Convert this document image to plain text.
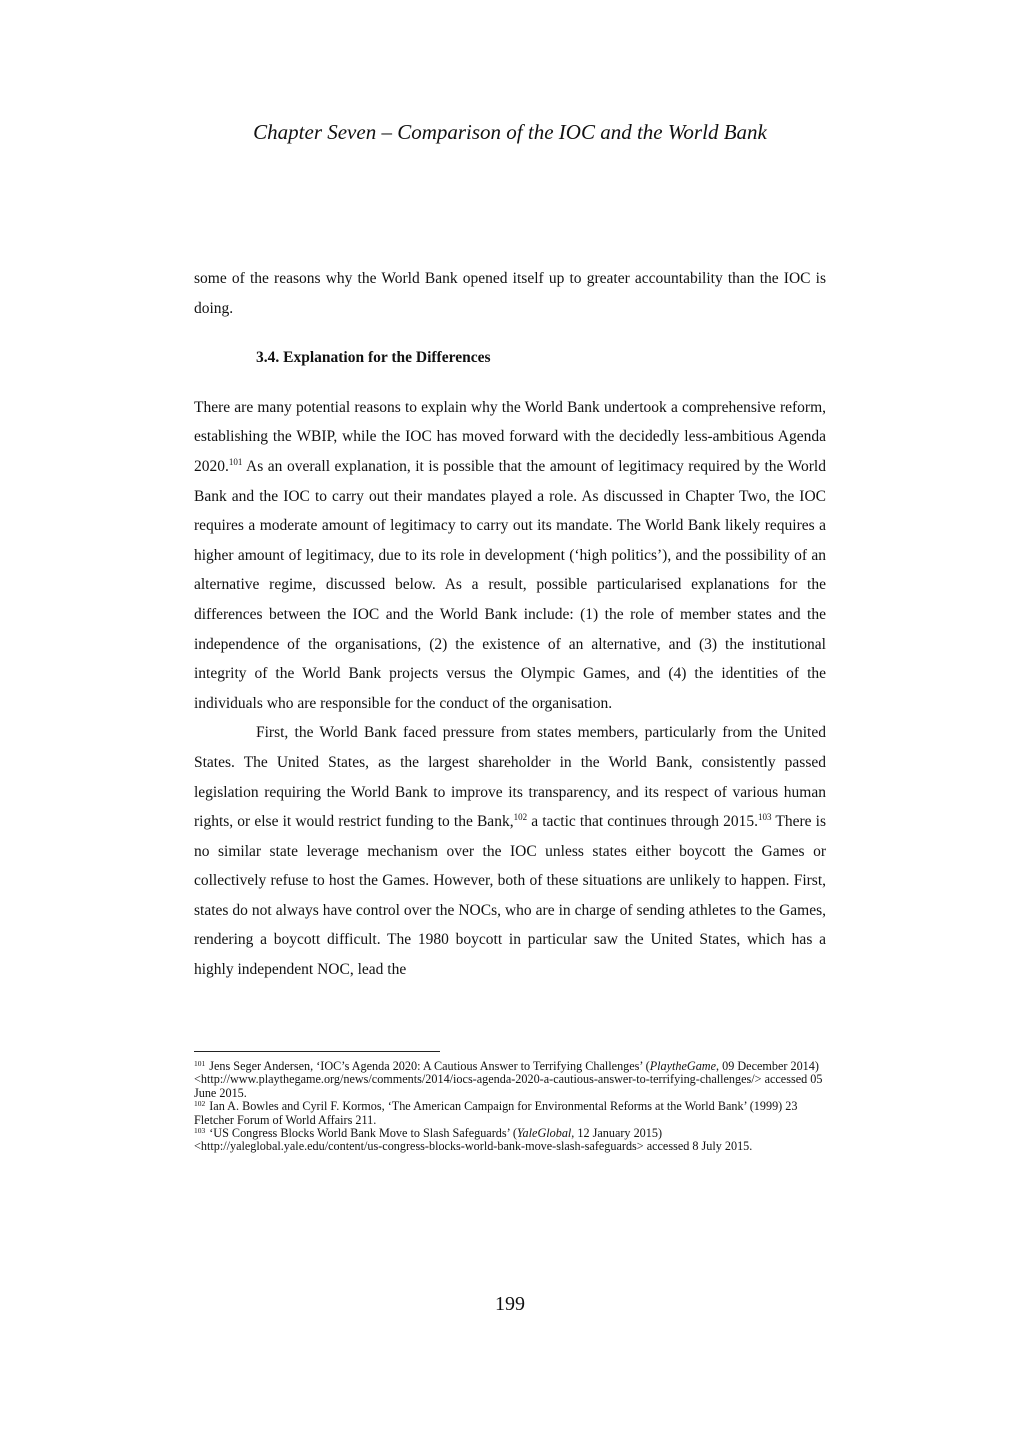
Chapter Seven – Comparison of the IOC and the World Bank

some of the reasons why the World Bank opened itself up to greater accountability than the IOC is doing.

3.4. Explanation for the Differences

There are many potential reasons to explain why the World Bank undertook a comprehensive reform, establishing the WBIP, while the IOC has moved forward with the decidedly less-ambitious Agenda 2020.$^{101}$ As an overall explanation, it is possible that the amount of legitimacy required by the World Bank and the IOC to carry out their mandates played a role. As discussed in Chapter Two, the IOC requires a moderate amount of legitimacy to carry out its mandate. The World Bank likely requires a higher amount of legitimacy, due to its role in development (‘high politics’), and the possibility of an alternative regime, discussed below. As a result, possible particularised explanations for the differences between the IOC and the World Bank include: (1) the role of member states and the independence of the organisations, (2) the existence of an alternative, and (3) the institutional integrity of the World Bank projects versus the Olympic Games, and (4) the identities of the individuals who are responsible for the conduct of the organisation.

First, the World Bank faced pressure from states members, particularly from the United States. The United States, as the largest shareholder in the World Bank, consistently passed legislation requiring the World Bank to improve its transparency, and its respect of various human rights, or else it would restrict funding to the Bank,$^{102}$ a tactic that continues through 2015.$^{103}$ There is no similar state leverage mechanism over the IOC unless states either boycott the Games or collectively refuse to host the Games. However, both of these situations are unlikely to happen. First, states do not always have control over the NOCs, who are in charge of sending athletes to the Games, rendering a boycott difficult. The 1980 boycott in particular saw the United States, which has a highly independent NOC, lead the

$^{101}$ Jens Seger Andersen, ‘IOC’s Agenda 2020: A Cautious Answer to Terrifying Challenges’ (PlaytheGame, 09 December 2014) <http://www.playthegame.org/news/comments/2014/iocs-agenda-2020-a-cautious-answer-to-terrifying-challenges/> accessed 05 June 2015.

$^{102}$ Ian A. Bowles and Cyril F. Kormos, ‘The American Campaign for Environmental Reforms at the World Bank’ (1999) 23 Fletcher Forum of World Affairs 211.

$^{103}$ ‘US Congress Blocks World Bank Move to Slash Safeguards’ (YaleGlobal, 12 January 2015) <http://yaleglobal.yale.edu/content/us-congress-blocks-world-bank-move-slash-safeguards> accessed 8 July 2015.

199
